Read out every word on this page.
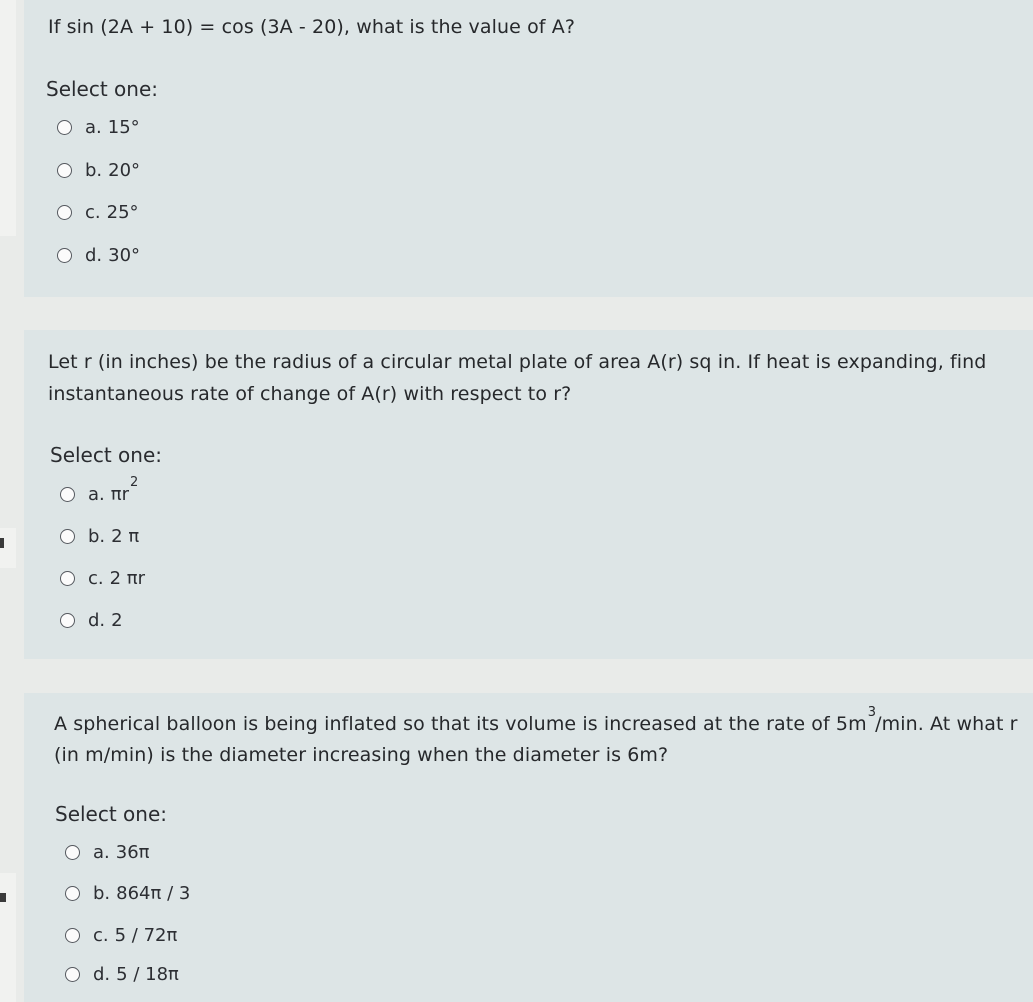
If sin (2A + 10) = cos (3A - 20), what is the value of A?
Select one:
a. 15°
b. 20°
c. 25°
d. 30°
Let r (in inches) be the radius of a circular metal plate of area A(r) sq in. If heat is expanding, find
instantaneous rate of change of A(r) with respect to r?
Select one:
a. $\pi r^2$
b. 2 π
c. 2 πr
d. 2
A spherical balloon is being inflated so that its volume is increased at the rate of $5m^3/\min$. At what r
(in m/min) is the diameter increasing when the diameter is 6m?
Select one:
a. 36π
b. 864π / 3
c. 5 / 72π
d. 5 / 18π
